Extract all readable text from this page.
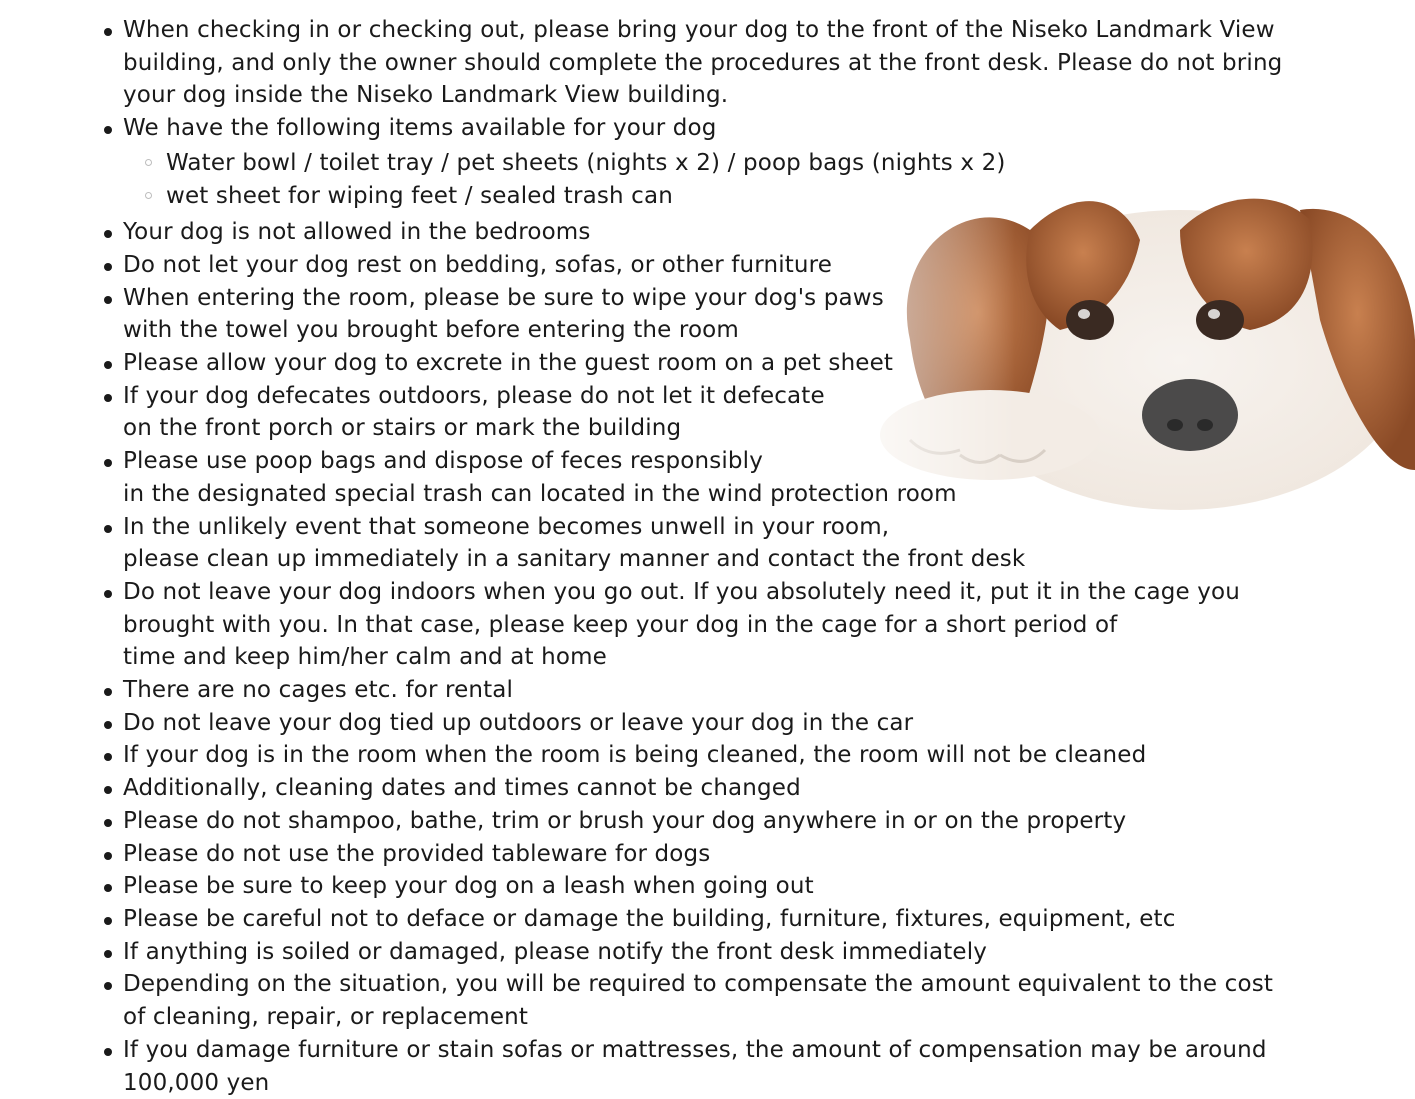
When checking in or checking out, please bring your dog to the front of the Niseko Landmark View
building, and only the owner should complete the procedures at the front desk. Please do not bring
your dog inside the Niseko Landmark View building.
We have the following items available for your dog
Water bowl / toilet tray / pet sheets (nights x 2) / poop bags (nights x 2)
wet sheet for wiping feet / sealed trash can
Your dog is not allowed in the bedrooms
Do not let your dog rest on bedding, sofas, or other furniture
When entering the room, please be sure to wipe your dog's paws
with the towel you brought before entering the room
Please allow your dog to excrete in the guest room on a pet sheet
If your dog defecates outdoors, please do not let it defecate
on the front porch or stairs or mark the building
Please use poop bags and dispose of feces responsibly
in the designated special trash can located in the wind protection room
In the unlikely event that someone becomes unwell in your room,
please clean up immediately in a sanitary manner and contact the front desk
Do not leave your dog indoors when you go out. If you absolutely need it, put it in the cage you
brought with you. In that case, please keep your dog in the cage for a short period of
time and keep him/her calm and at home
There are no cages etc. for rental
Do not leave your dog tied up outdoors or leave your dog in the car
If your dog is in the room when the room is being cleaned, the room will not be cleaned
Additionally, cleaning dates and times cannot be changed
Please do not shampoo, bathe, trim or brush your dog anywhere in or on the property
Please do not use the provided tableware for dogs
Please be sure to keep your dog on a leash when going out
Please be careful not to deface or damage the building, furniture, fixtures, equipment, etc
If anything is soiled or damaged, please notify the front desk immediately
Depending on the situation, you will be required to compensate the amount equivalent to the cost
of cleaning, repair, or replacement
If you damage furniture or stain sofas or mattresses, the amount of compensation may be around
100,000 yen
